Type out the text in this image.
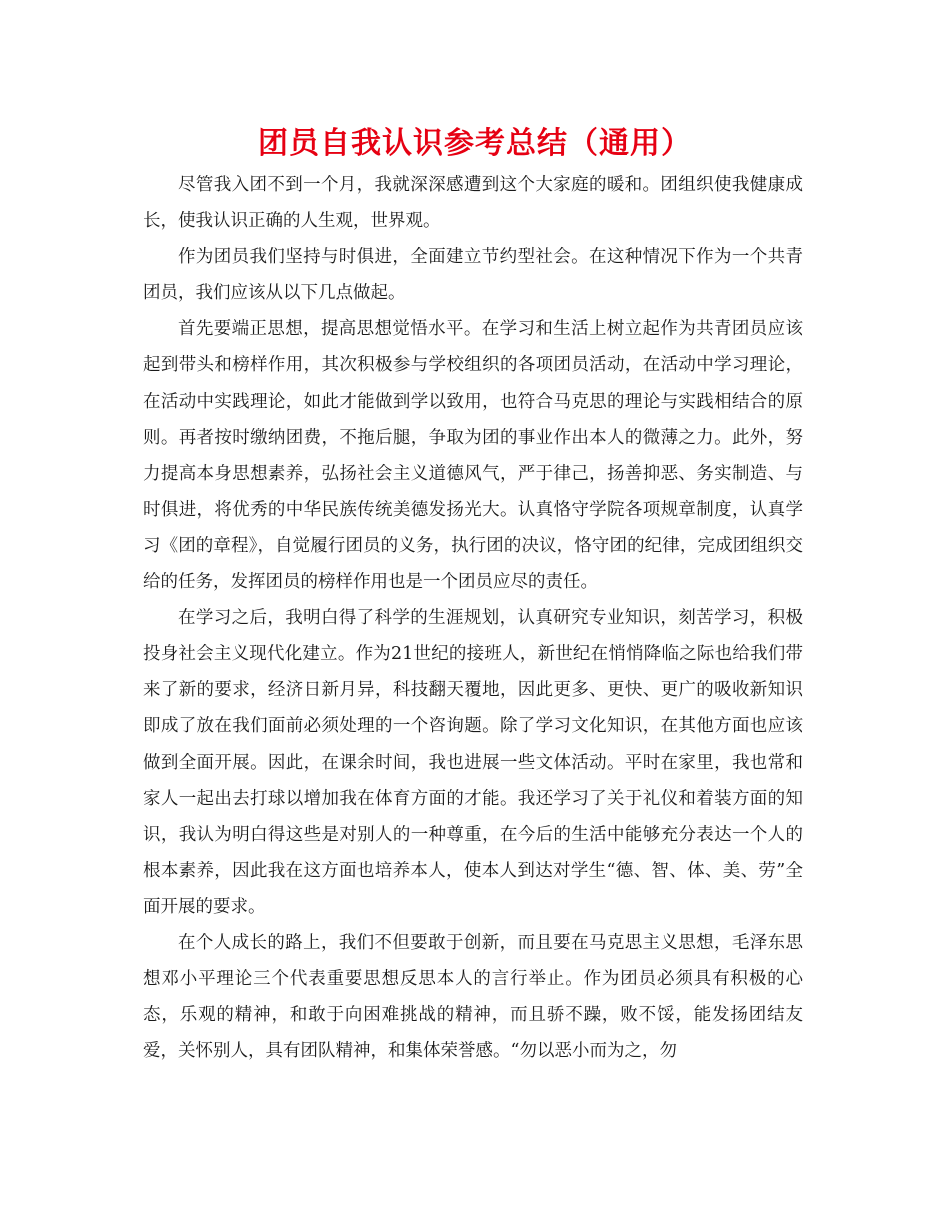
团员自我认识参考总结（通用）

尽管我入团不到一个月，我就深深感遭到这个大家庭的暖和。团组织使我健康成长，使我认识正确的人生观，世界观。

作为团员我们坚持与时俱进，全面建立节约型社会。在这种情况下作为一个共青团员，我们应该从以下几点做起。

首先要端正思想，提高思想觉悟水平。在学习和生活上树立起作为共青团员应该起到带头和榜样作用，其次积极参与学校组织的各项团员活动，在活动中学习理论，在活动中实践理论，如此才能做到学以致用，也符合马克思的理论与实践相结合的原则。再者按时缴纳团费，不拖后腿，争取为团的事业作出本人的微薄之力。此外，努力提高本身思想素养，弘扬社会主义道德风气，严于律己，扬善抑恶、务实制造、与时俱进，将优秀的中华民族传统美德发扬光大。认真恪守学院各项规章制度，认真学习《团的章程》，自觉履行团员的义务，执行团的决议，恪守团的纪律，完成团组织交给的任务，发挥团员的榜样作用也是一个团员应尽的责任。

在学习之后，我明白得了科学的生涯规划，认真研究专业知识，刻苦学习，积极投身社会主义现代化建立。作为21世纪的接班人，新世纪在悄悄降临之际也给我们带来了新的要求，经济日新月异，科技翻天覆地，因此更多、更快、更广的吸收新知识即成了放在我们面前必须处理的一个咨询题。除了学习文化知识，在其他方面也应该做到全面开展。因此，在课余时间，我也进展一些文体活动。平时在家里，我也常和家人一起出去打球以增加我在体育方面的才能。我还学习了关于礼仪和着装方面的知识，我认为明白得这些是对别人的一种尊重，在今后的生活中能够充分表达一个人的根本素养，因此我在这方面也培养本人，使本人到达对学生“德、智、体、美、劳”全面开展的要求。

在个人成长的路上，我们不但要敢于创新，而且要在马克思主义思想，毛泽东思想邓小平理论三个代表重要思想反思本人的言行举止。作为团员必须具有积极的心态，乐观的精神，和敢于向困难挑战的精神，而且骄不躁，败不馁，能发扬团结友爱，关怀别人，具有团队精神，和集体荣誉感。“勿以恶小而为之，勿
